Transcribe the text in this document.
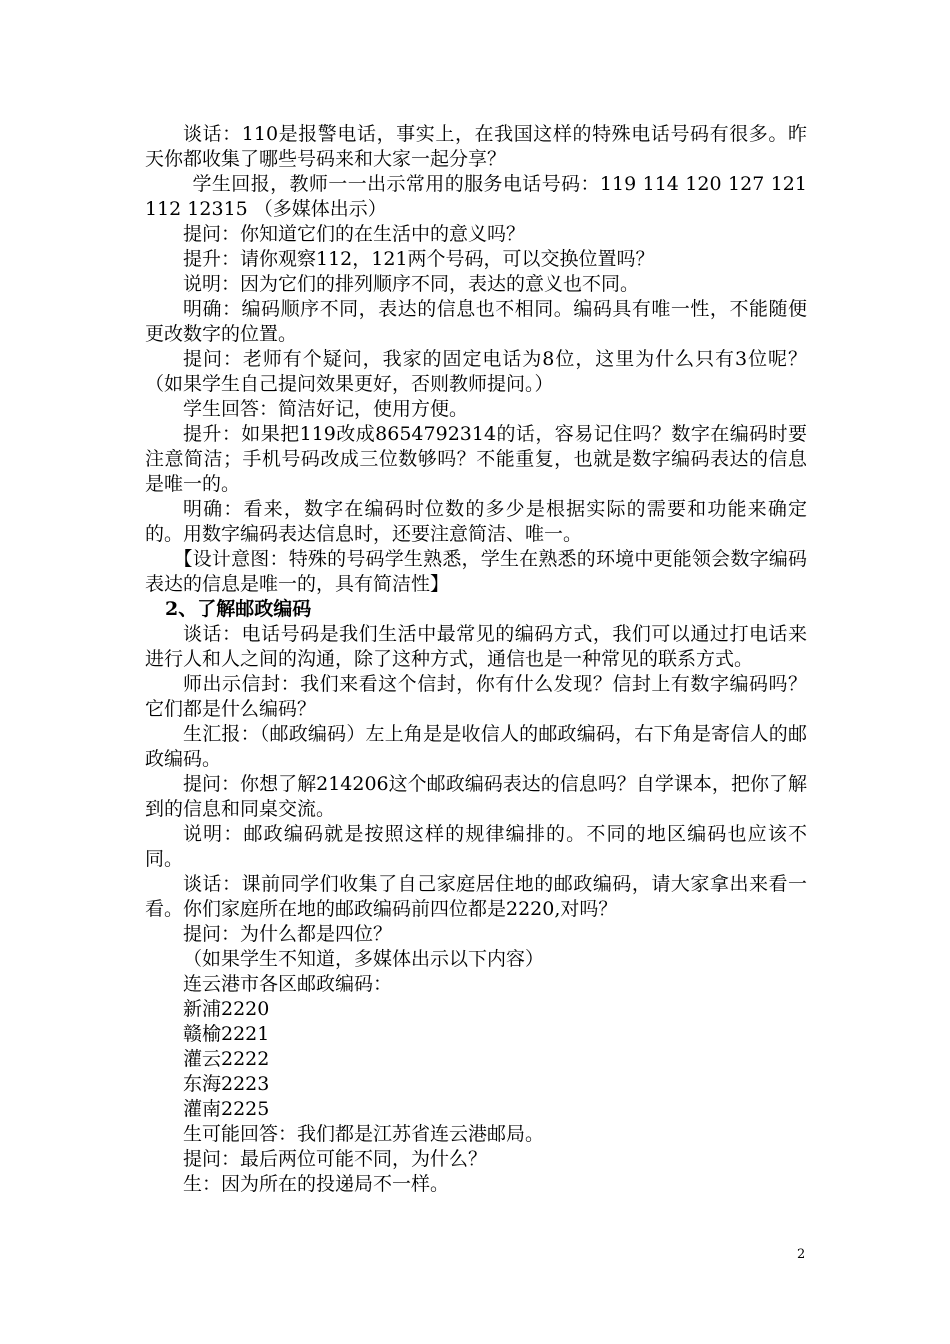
谈话：110是报警电话，事实上，在我国这样的特殊电话号码有很多。昨天你都收集了哪些号码来和大家一起分享？

学生回报，教师一一出示常用的服务电话号码：119 114 120 127 121 112 12315 （多媒体出示）

提问：你知道它们的在生活中的意义吗？

提升：请你观察112，121两个号码，可以交换位置吗？

说明：因为它们的排列顺序不同，表达的意义也不同。

明确：编码顺序不同，表达的信息也不相同。编码具有唯一性，不能随便更改数字的位置。

提问：老师有个疑问，我家的固定电话为8位，这里为什么只有3位呢？（如果学生自己提问效果更好，否则教师提问。）

学生回答：简洁好记，使用方便。

提升：如果把119改成8654792314的话，容易记住吗？数字在编码时要注意简洁；手机号码改成三位数够吗？不能重复，也就是数字编码表达的信息是唯一的。

明确：看来，数字在编码时位数的多少是根据实际的需要和功能来确定的。用数字编码表达信息时，还要注意简洁、唯一。

【设计意图：特殊的号码学生熟悉，学生在熟悉的环境中更能领会数字编码表达的信息是唯一的，具有简洁性】

2、了解邮政编码

谈话：电话号码是我们生活中最常见的编码方式，我们可以通过打电话来进行人和人之间的沟通，除了这种方式，通信也是一种常见的联系方式。

师出示信封：我们来看这个信封，你有什么发现？信封上有数字编码吗？它们都是什么编码？

生汇报：（邮政编码）左上角是是收信人的邮政编码，右下角是寄信人的邮政编码。

提问：你想了解214206这个邮政编码表达的信息吗？自学课本，把你了解到的信息和同桌交流。

说明：邮政编码就是按照这样的规律编排的。不同的地区编码也应该不同。

谈话：课前同学们收集了自己家庭居住地的邮政编码，请大家拿出来看一看。你们家庭所在地的邮政编码前四位都是2220,对吗？

提问：为什么都是四位？

（如果学生不知道，多媒体出示以下内容）

连云港市各区邮政编码：

新浦2220

赣榆2221

灌云2222

东海2223

灌南2225

生可能回答：我们都是江苏省连云港邮局。

提问：最后两位可能不同，为什么？

生：因为所在的投递局不一样。

2
